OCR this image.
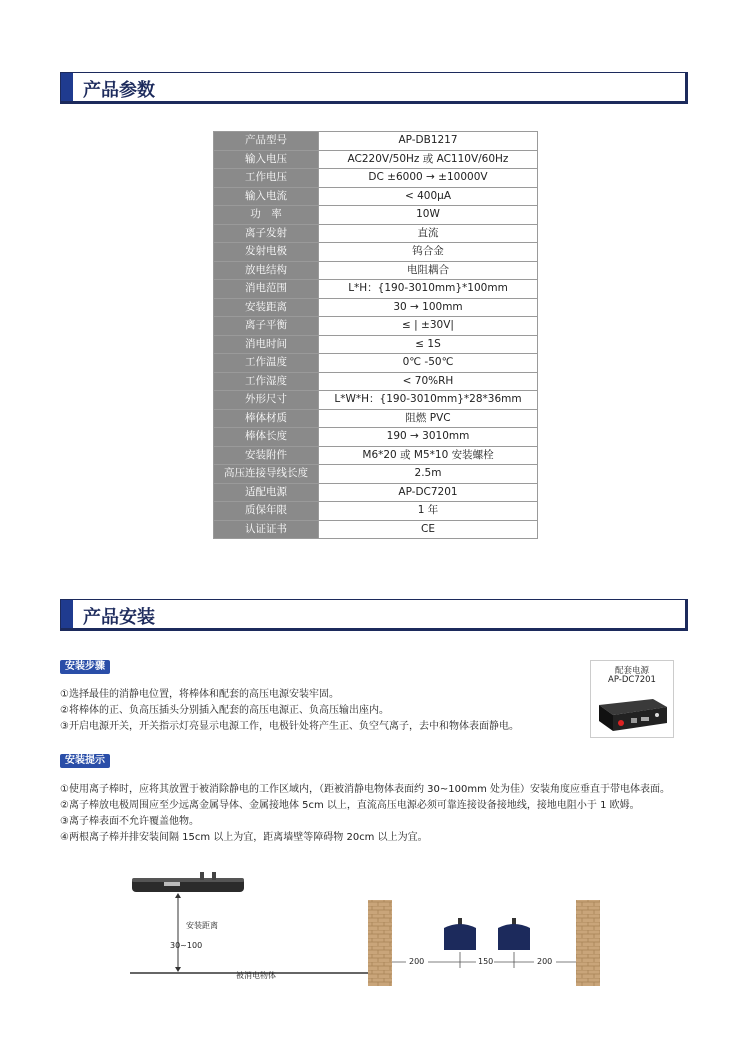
产品参数
产品型号	AP-DB1217
输入电压	AC220V/50Hz 或 AC110V/60Hz
工作电压	DC ±6000 → ±10000V
输入电流	< 400μA
功　率	10W
离子发射	直流
发射电极	钨合金
放电结构	电阻耦合
消电范围	L*H：{190-3010mm}*100mm
安装距离	30 → 100mm
离子平衡	≤ | ±30V|
消电时间	≤ 1S
工作温度	0℃ -50℃
工作湿度	< 70%RH
外形尺寸	L*W*H：{190-3010mm}*28*36mm
棒体材质	阻燃 PVC
棒体长度	190 → 3010mm
安装附件	M6*20 或 M5*10 安装螺栓
高压连接导线长度	2.5m
适配电源	AP-DC7201
质保年限	1 年
认证证书	CE
产品安装
安装步骤
①选择最佳的消静电位置，将棒体和配套的高压电源安装牢固。
②将棒体的正、负高压插头分别插入配套的高压电源正、负高压输出座内。
③开启电源开关，开关指示灯亮显示电源工作，电极针处将产生正、负空气离子，去中和物体表面静电。
配套电源
AP-DC7201
安装提示
①使用离子棒时，应将其放置于被消除静电的工作区域内，（距被消静电物体表面约 30~100mm 处为佳）安装角度应垂直于带电体表面。
②离子棒放电极周围应至少远离金属导体、金属接地体 5cm 以上，直流高压电源必须可靠连接设备接地线，接地电阻小于 1 欧姆。
③离子棒表面不允许覆盖他物。
④两根离子棒并排安装间隔 15cm 以上为宜，距离墙壁等障碍物 20cm 以上为宜。
安装距离
30~100
被消电物体
200	150	200
